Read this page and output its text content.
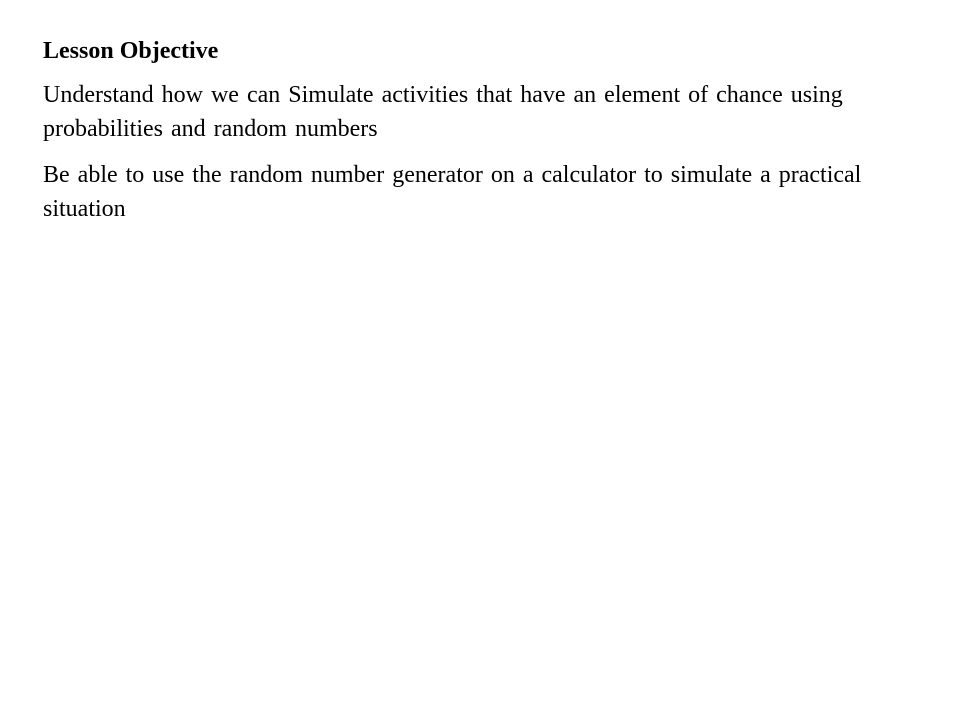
Lesson Objective

Understand how we can Simulate activities that have an element of chance using probabilities and random numbers

Be able to use the random number generator on a calculator to simulate a practical situation
